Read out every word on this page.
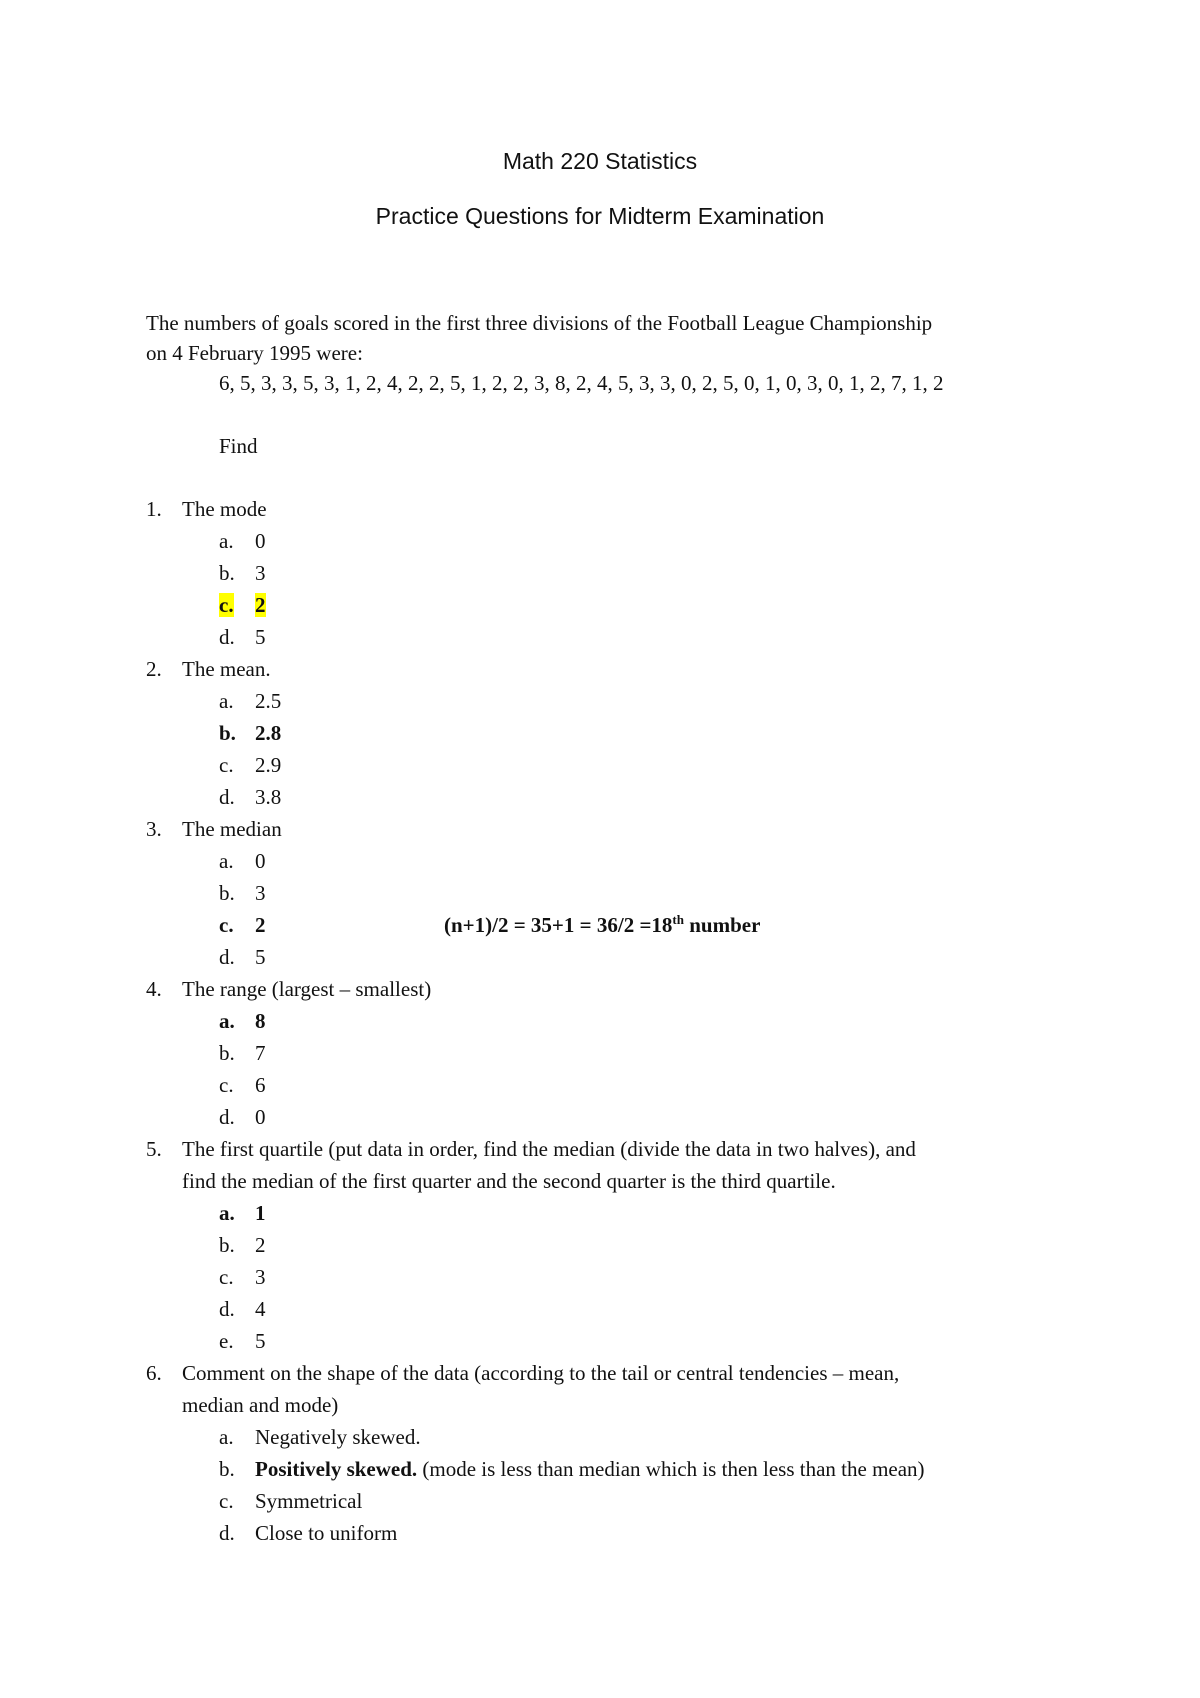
Math 220 Statistics
Practice Questions for Midterm Examination
The numbers of goals scored in the first three divisions of the Football League Championship
on 4 February 1995 were:
6, 5, 3, 3, 5, 3, 1, 2, 4, 2, 2, 5, 1, 2, 2, 3, 8, 2, 4, 5, 3, 3, 0, 2, 5, 0, 1, 0, 3, 0, 1, 2, 7, 1, 2
Find
1. The mode
a. 0
b. 3
c. 2
d. 5
2. The mean.
a. 2.5
b. 2.8
c. 2.9
d. 3.8
3. The median
a. 0
b. 3
c. 2	(n+1)/2 = 35+1 = 36/2 =18th number
d. 5
4. The range (largest – smallest)
a. 8
b. 7
c. 6
d. 0
5. The first quartile (put data in order, find the median (divide the data in two halves), and
find the median of the first quarter and the second quarter is the third quartile.
a. 1
b. 2
c. 3
d. 4
e. 5
6. Comment on the shape of the data (according to the tail or central tendencies – mean,
median and mode)
a. Negatively skewed.
b. Positively skewed. (mode is less than median which is then less than the mean)
c. Symmetrical
d. Close to uniform
